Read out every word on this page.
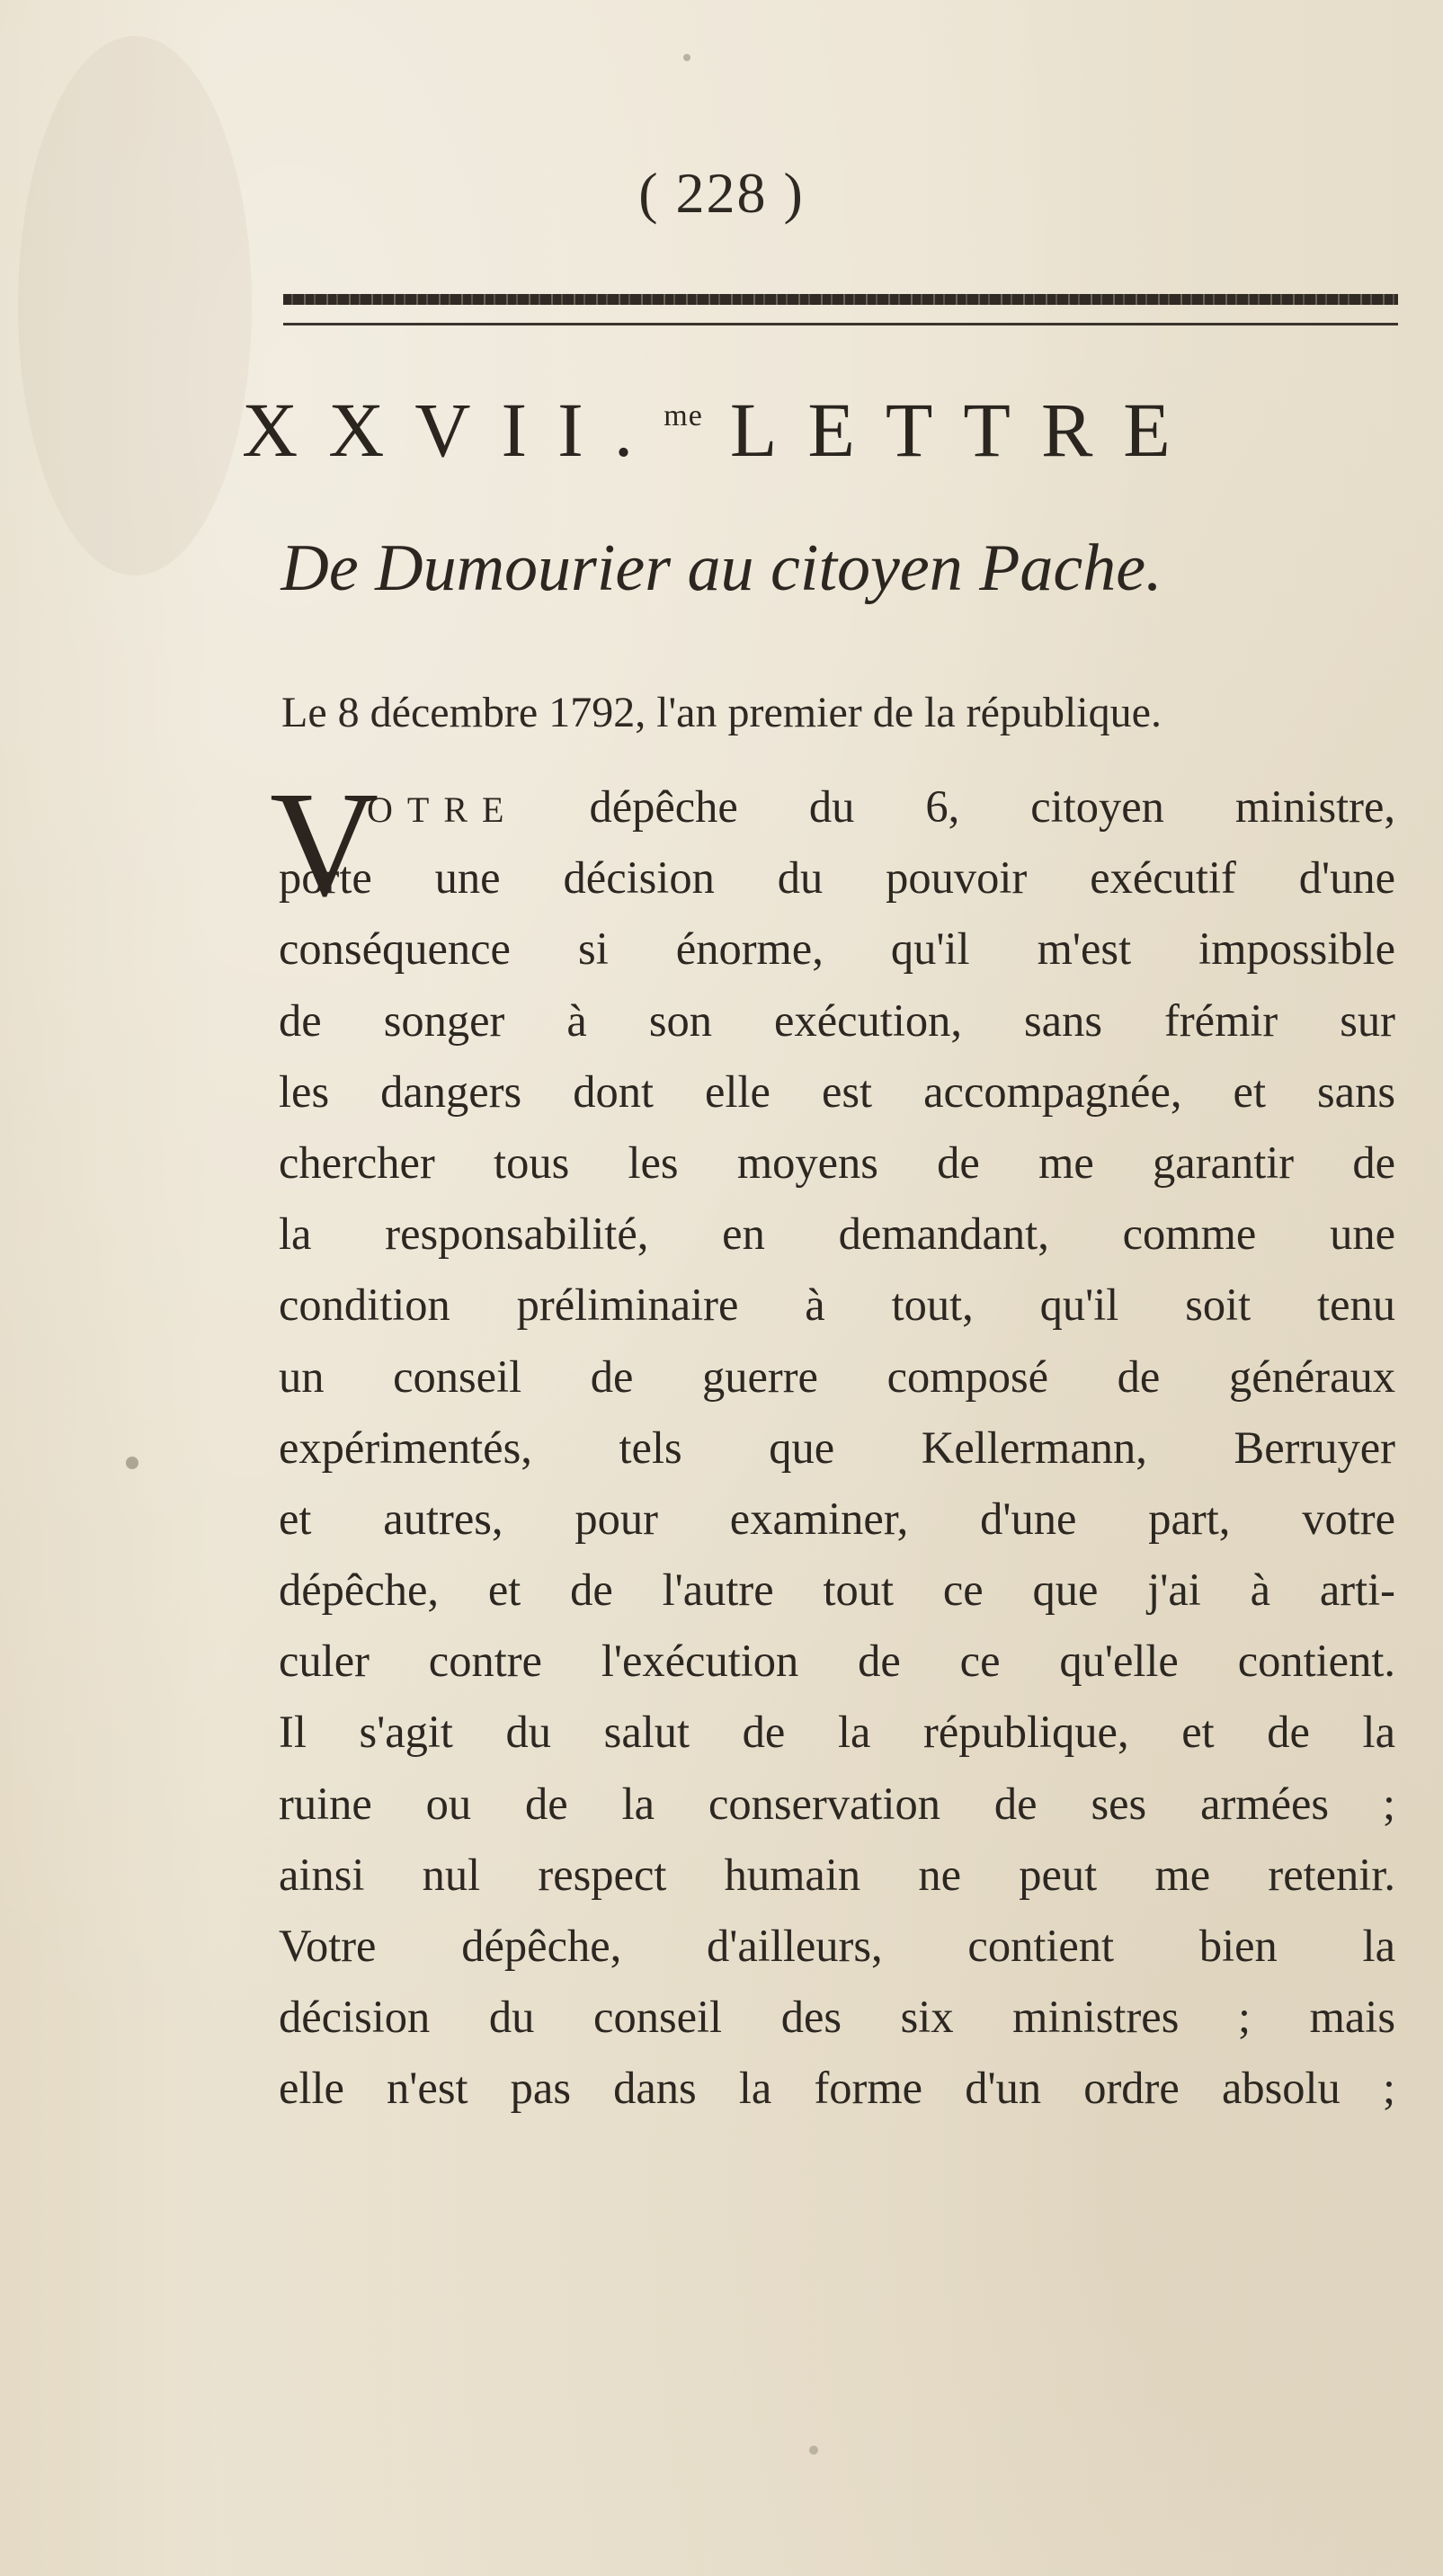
( 228 )
XXVII.$^{me}$ LETTRE
De Dumourier au citoyen Pache.
Le 8 décembre 1792, l'an premier de la république.
V
OTRE dépêche du 6, citoyen ministre,
porte une décision du pouvoir exécutif d'une
conséquence si énorme, qu'il m'est impossible
de songer à son exécution, sans frémir sur
les dangers dont elle est accompagnée, et sans
chercher tous les moyens de me garantir de
la responsabilité, en demandant, comme une
condition préliminaire à tout, qu'il soit tenu
un conseil de guerre composé de généraux
expérimentés, tels que Kellermann, Berruyer
et autres, pour examiner, d'une part, votre
dépêche, et de l'autre tout ce que j'ai à arti-
culer contre l'exécution de ce qu'elle contient.
Il s'agit du salut de la république, et de la
ruine ou de la conservation de ses armées ;
ainsi nul respect humain ne peut me retenir.
Votre dépêche, d'ailleurs, contient bien la
décision du conseil des six ministres ; mais
elle n'est pas dans la forme d'un ordre absolu ;
